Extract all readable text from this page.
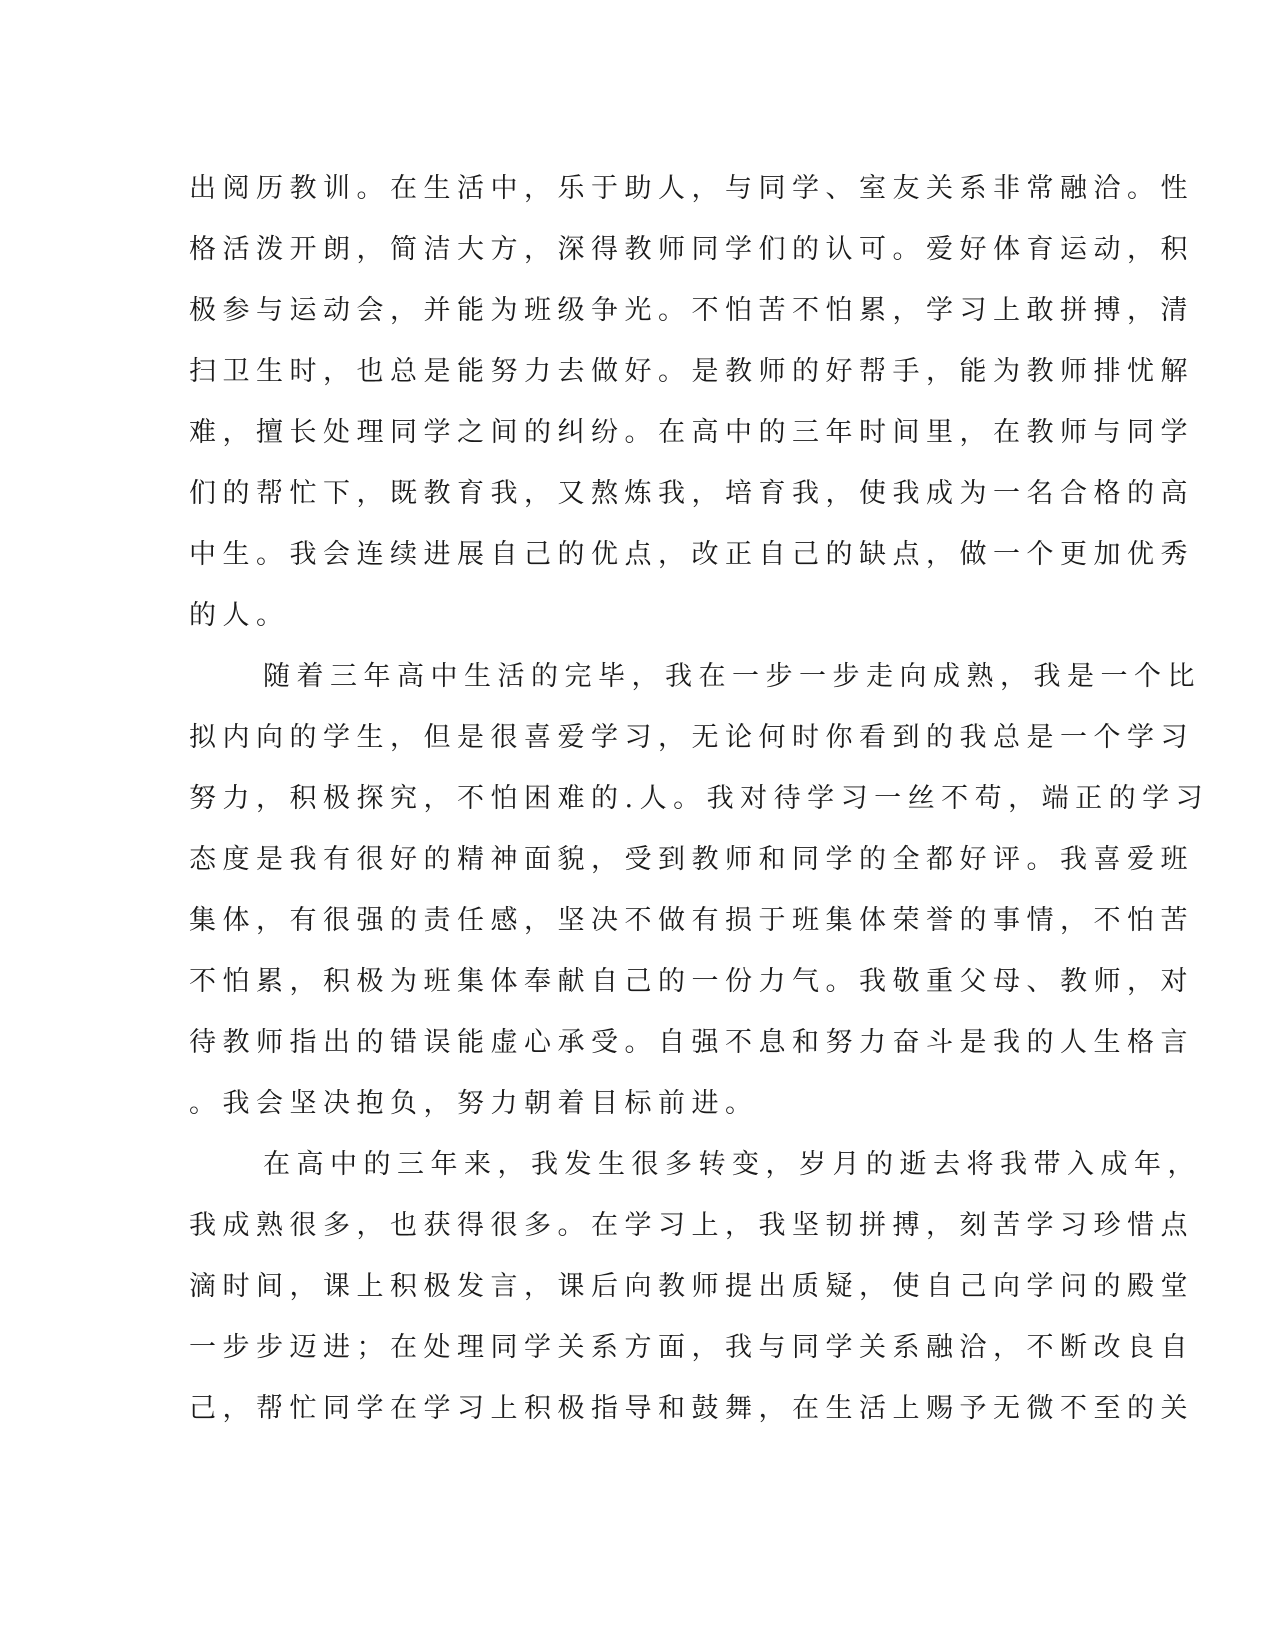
出阅历教训。在生活中，乐于助人，与同学、室友关系非常融洽。性
格活泼开朗，简洁大方，深得教师同学们的认可。爱好体育运动，积
极参与运动会，并能为班级争光。不怕苦不怕累，学习上敢拼搏，清
扫卫生时，也总是能努力去做好。是教师的好帮手，能为教师排忧解
难，擅长处理同学之间的纠纷。在高中的三年时间里，在教师与同学
们的帮忙下，既教育我，又熬炼我，培育我，使我成为一名合格的高
中生。我会连续进展自己的优点，改正自己的缺点，做一个更加优秀
的人。
随着三年高中生活的完毕，我在一步一步走向成熟，我是一个比
拟内向的学生，但是很喜爱学习，无论何时你看到的我总是一个学习
努力，积极探究，不怕困难的.人。我对待学习一丝不苟，端正的学习
态度是我有很好的精神面貌，受到教师和同学的全都好评。我喜爱班
集体，有很强的责任感，坚决不做有损于班集体荣誉的事情，不怕苦
不怕累，积极为班集体奉献自己的一份力气。我敬重父母、教师，对
待教师指出的错误能虚心承受。自强不息和努力奋斗是我的人生格言
。我会坚决抱负，努力朝着目标前进。
在高中的三年来，我发生很多转变，岁月的逝去将我带入成年，
我成熟很多，也获得很多。在学习上，我坚韧拼搏，刻苦学习珍惜点
滴时间，课上积极发言，课后向教师提出质疑，使自己向学问的殿堂
一步步迈进；在处理同学关系方面，我与同学关系融洽，不断改良自
己，帮忙同学在学习上积极指导和鼓舞，在生活上赐予无微不至的关
